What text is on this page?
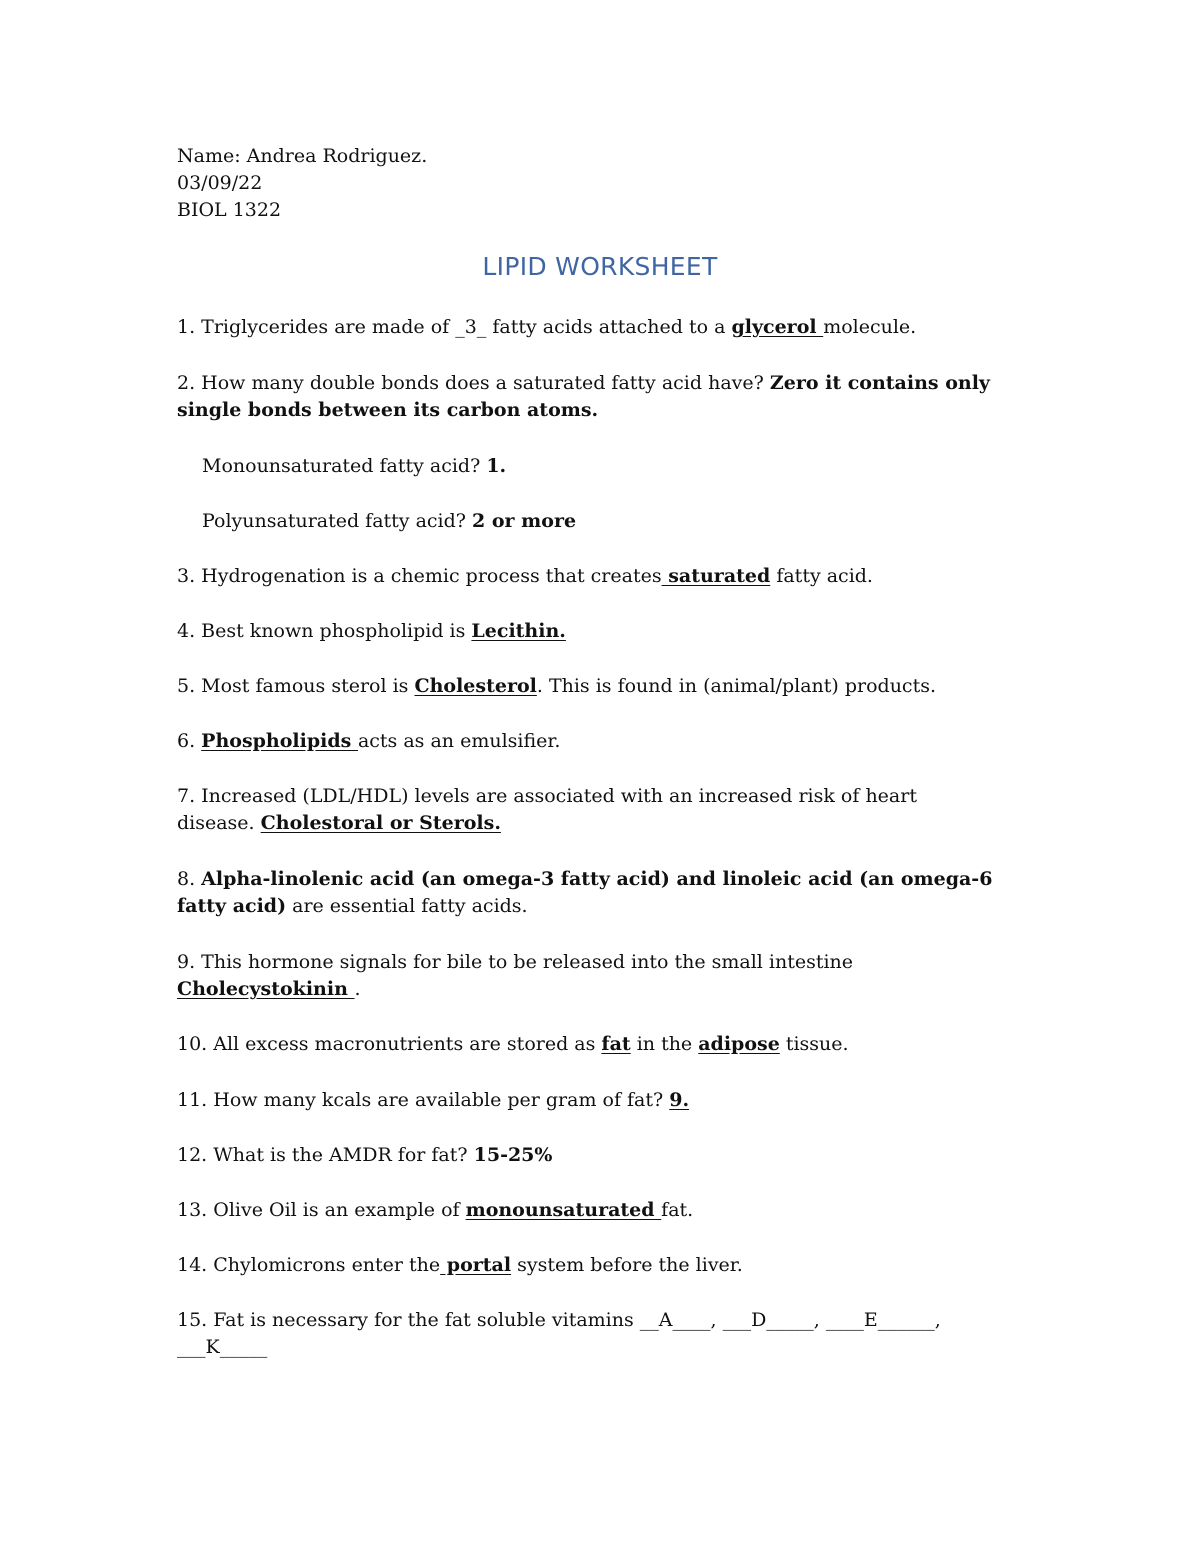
Name: Andrea Rodriguez.
03/09/22
BIOL 1322
LIPID WORKSHEET
1. Triglycerides are made of _3_ fatty acids attached to a glycerol molecule.
2. How many double bonds does a saturated fatty acid have? Zero it contains only
single bonds between its carbon atoms.
Monounsaturated fatty acid? 1.
Polyunsaturated fatty acid? 2 or more
3. Hydrogenation is a chemic process that creates saturated fatty acid.
4. Best known phospholipid is Lecithin.
5. Most famous sterol is Cholesterol. This is found in (animal/plant) products.
6. Phospholipids acts as an emulsifier.
7. Increased (LDL/HDL) levels are associated with an increased risk of heart
disease. Cholestoral or Sterols.
8. Alpha-linolenic acid (an omega-3 fatty acid) and linoleic acid (an omega-6
fatty acid) are essential fatty acids.
9. This hormone signals for bile to be released into the small intestine
Cholecystokinin .
10. All excess macronutrients are stored as fat in the adipose tissue.
11. How many kcals are available per gram of fat? 9.
12. What is the AMDR for fat? 15-25%
13. Olive Oil is an example of monounsaturated fat.
14. Chylomicrons enter the portal system before the liver.
15. Fat is necessary for the fat soluble vitamins __A____, ___D_____, ____E______,
___K_____
